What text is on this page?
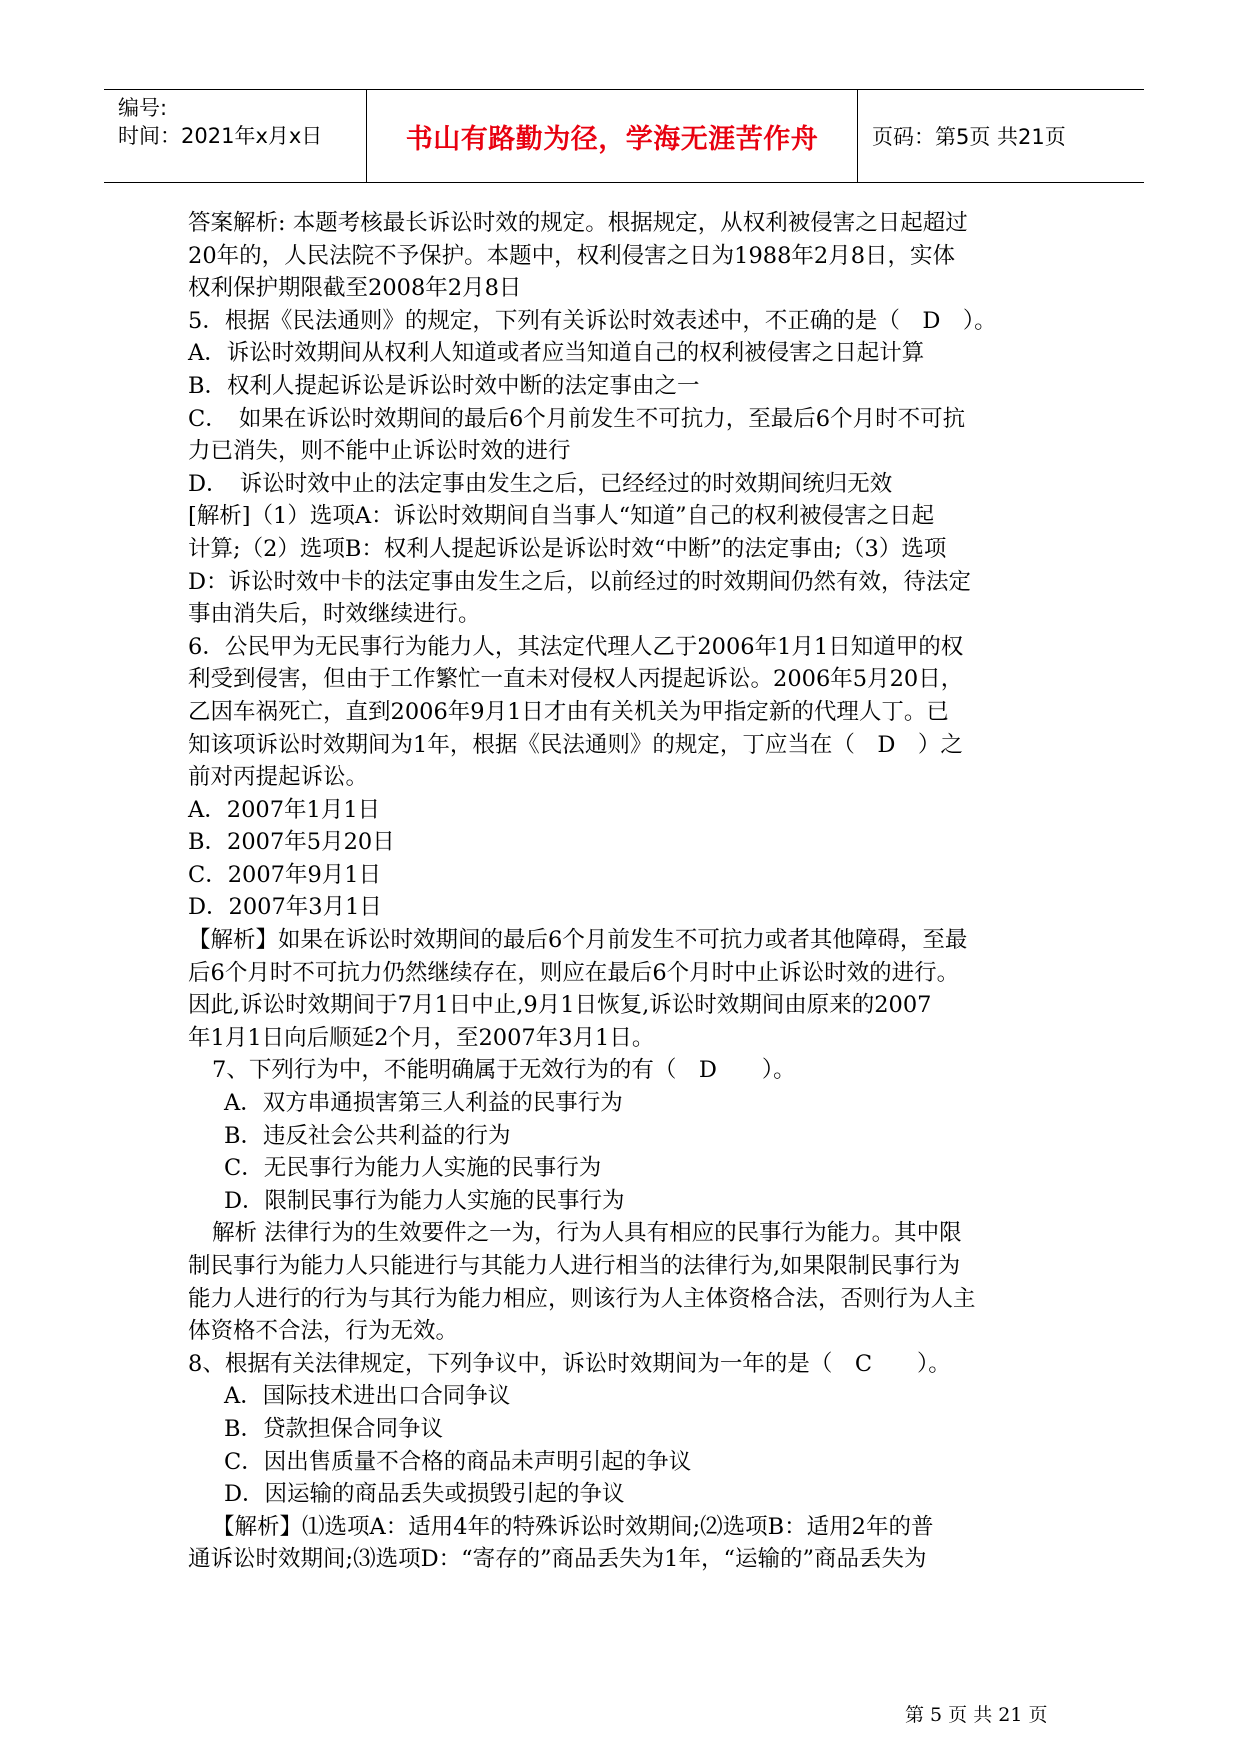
编号:
时间：2021年x月x日	书山有路勤为径，学海无涯苦作舟	页码：第5页 共21页
答案解析: 本题考核最长诉讼时效的规定。根据规定，从权利被侵害之日起超过
20年的，人民法院不予保护。本题中，权利侵害之日为1988年2月8日，实体
权利保护期限截至2008年2月8日
5．根据《民法通则》的规定，下列有关诉讼时效表述中，不正确的是（　D　）。
A．诉讼时效期间从权利人知道或者应当知道自己的权利被侵害之日起计算
B．权利人提起诉讼是诉讼时效中断的法定事由之一
C．　如果在诉讼时效期间的最后6个月前发生不可抗力，至最后6个月时不可抗
力已消失，则不能中止诉讼时效的进行
D．　诉讼时效中止的法定事由发生之后，已经经过的时效期间统归无效
[解析]（1）选项A：诉讼时效期间自当事人“知道”自己的权利被侵害之日起
计算;（2）选项B：权利人提起诉讼是诉讼时效“中断”的法定事由;（3）选项
D：诉讼时效中卡的法定事由发生之后，以前经过的时效期间仍然有效，待法定
事由消失后，时效继续进行。
6．公民甲为无民事行为能力人，其法定代理人乙于2006年1月1日知道甲的权
利受到侵害，但由于工作繁忙一直未对侵权人丙提起诉讼。2006年5月20日，
乙因车祸死亡，直到2006年9月1日才由有关机关为甲指定新的代理人丁。已
知该项诉讼时效期间为1年，根据《民法通则》的规定，丁应当在（　D　）之
前对丙提起诉讼。
A．2007年1月1日
B．2007年5月20日
C．2007年9月1日
D．2007年3月1日
【解析】如果在诉讼时效期间的最后6个月前发生不可抗力或者其他障碍，至最
后6个月时不可抗力仍然继续存在，则应在最后6个月时中止诉讼时效的进行。
因此,诉讼时效期间于7月1日中止,9月1日恢复,诉讼时效期间由原来的2007
年1月1日向后顺延2个月，至2007年3月1日。
7、下列行为中，不能明确属于无效行为的有（　D　　）。
A．双方串通损害第三人利益的民事行为
B．违反社会公共利益的行为
C．无民事行为能力人实施的民事行为
D．限制民事行为能力人实施的民事行为
解析 法律行为的生效要件之一为，行为人具有相应的民事行为能力。其中限
制民事行为能力人只能进行与其能力人进行相当的法律行为,如果限制民事行为
能力人进行的行为与其行为能力相应，则该行为人主体资格合法，否则行为人主
体资格不合法，行为无效。
8、根据有关法律规定，下列争议中，诉讼时效期间为一年的是（　C　　）。
A．国际技术进出口合同争议
B．贷款担保合同争议
C．因出售质量不合格的商品未声明引起的争议
D．因运输的商品丢失或损毁引起的争议
【解析】⑴选项A：适用4年的特殊诉讼时效期间;⑵选项B：适用2年的普
通诉讼时效期间;⑶选项D：“寄存的”商品丢失为1年，“运输的”商品丢失为
第 5 页 共 21 页
